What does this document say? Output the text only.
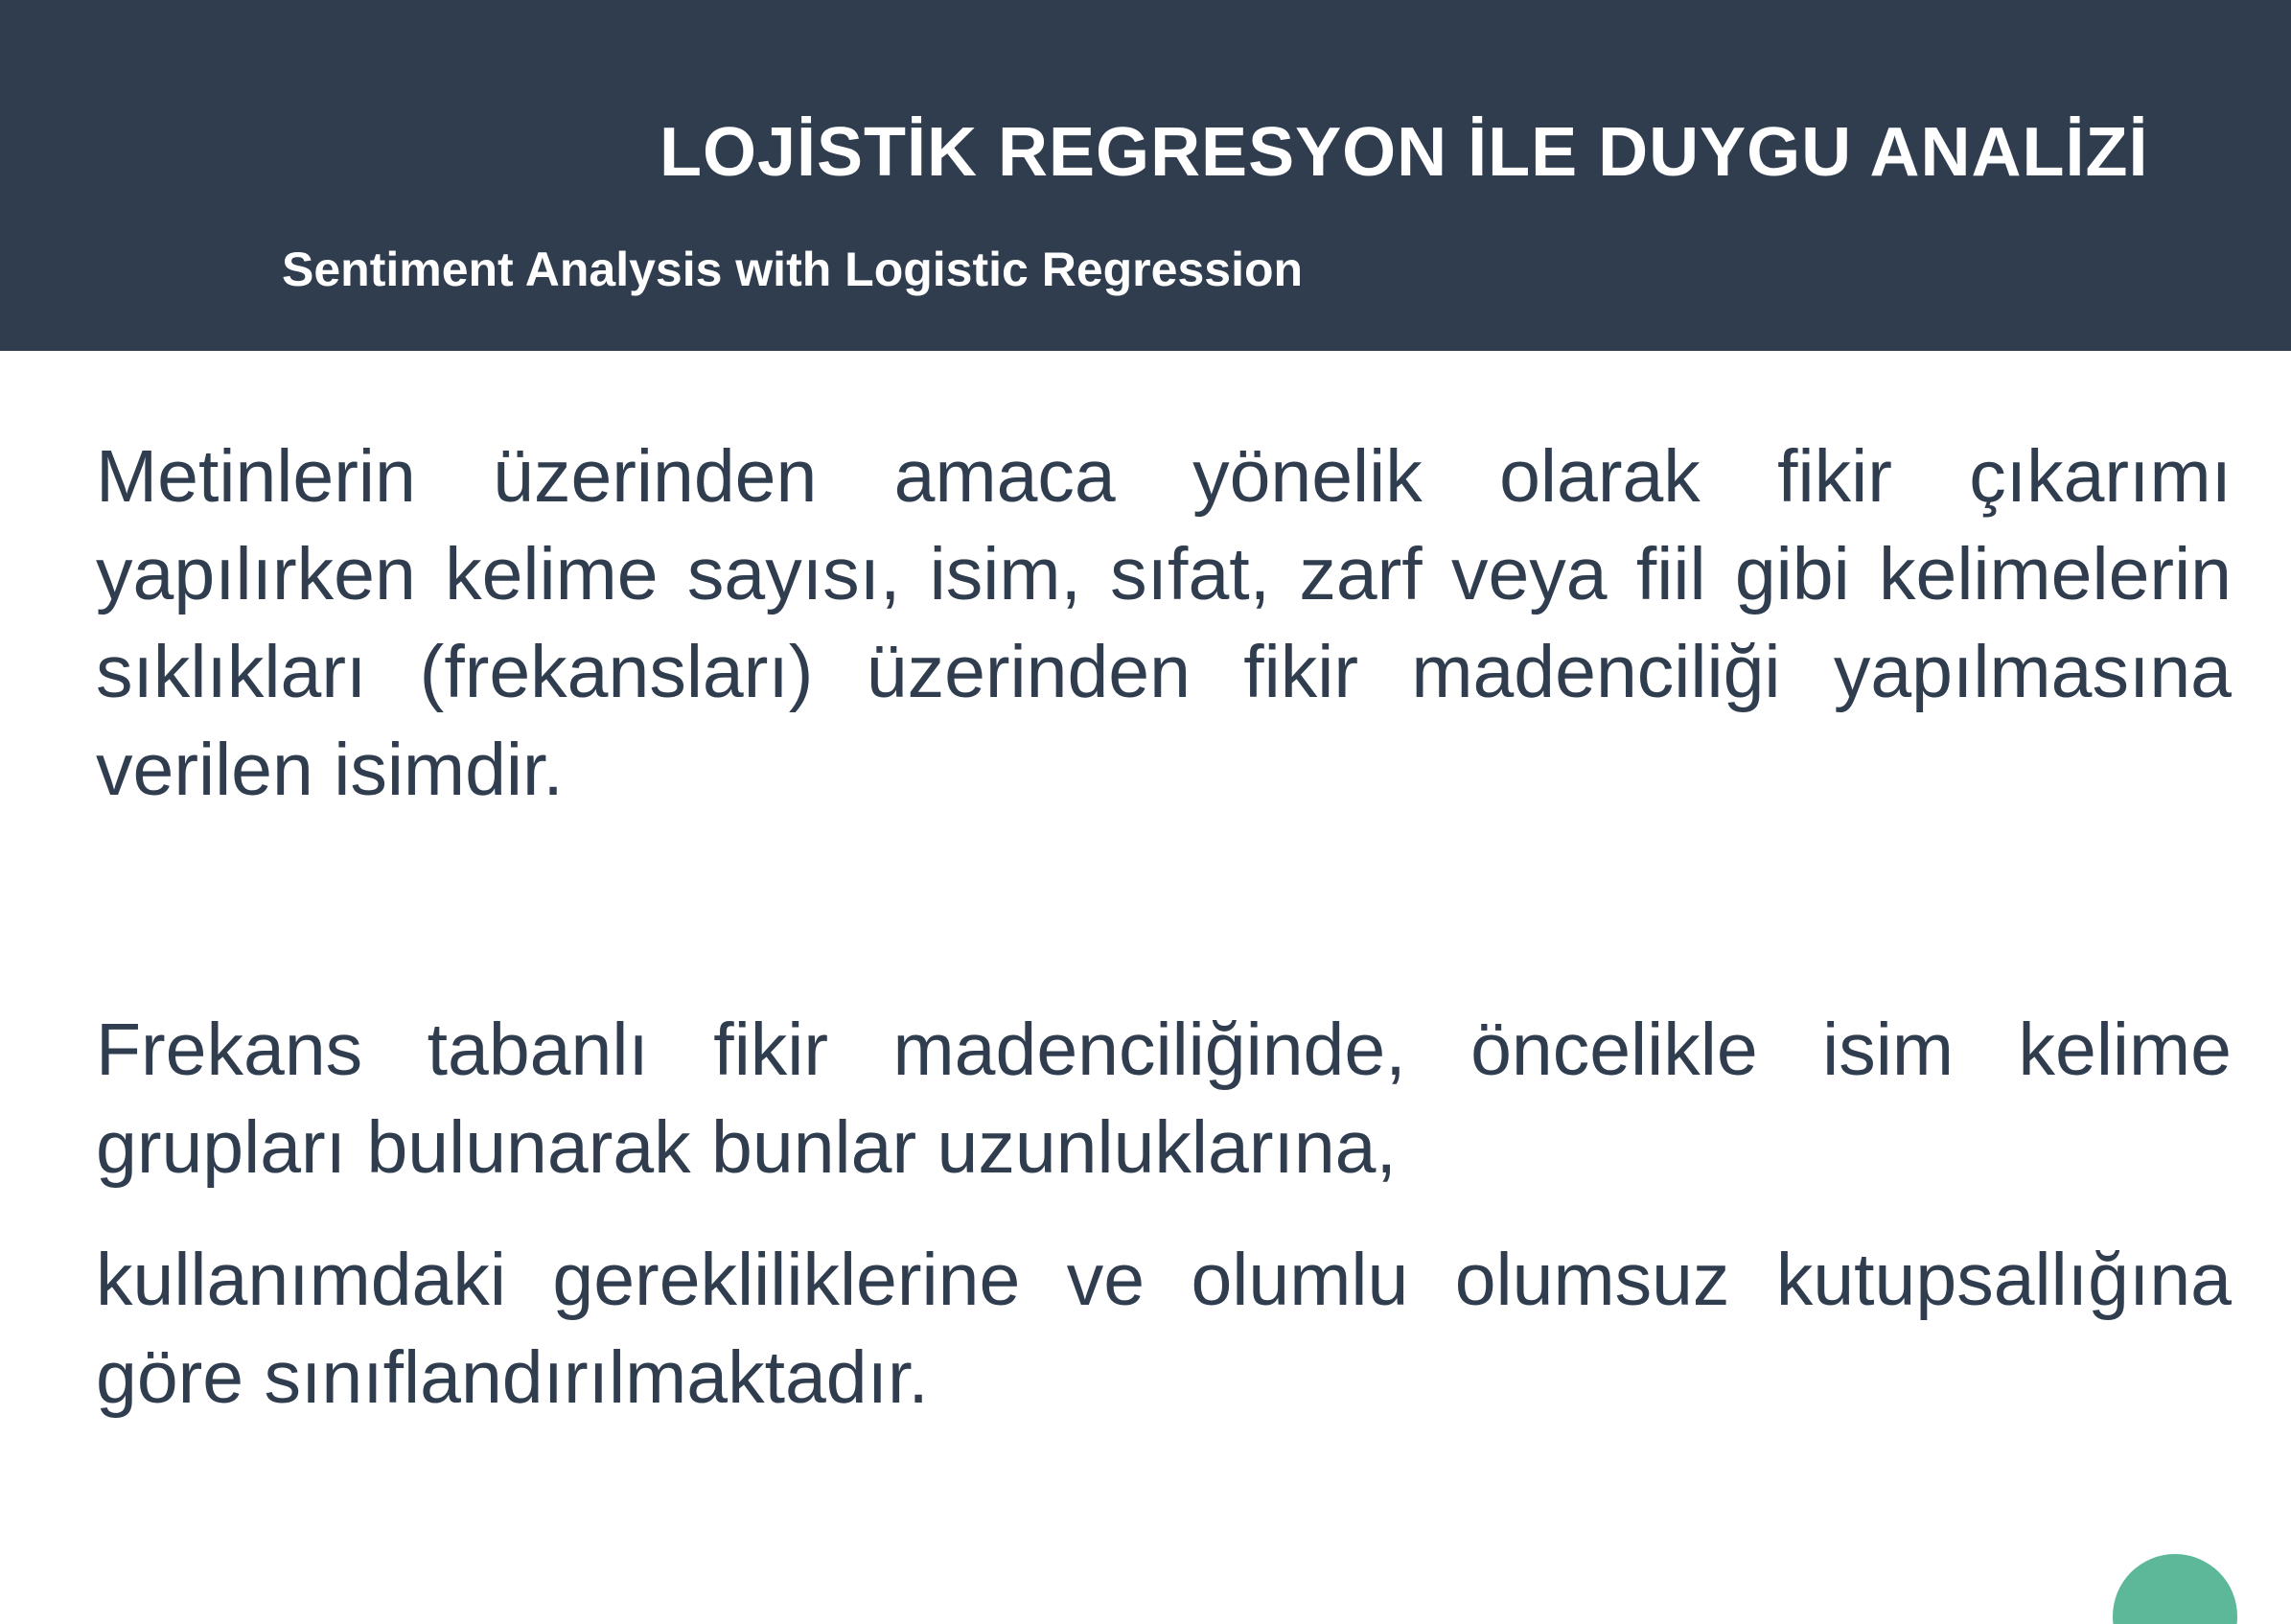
LOJİSTİK REGRESYON İLE DUYGU ANALİZİ
Sentiment Analysis with Logistic Regression

Metinlerin üzerinden amaca yönelik olarak fikir çıkarımı yapılırken kelime sayısı, isim, sıfat, zarf veya fiil gibi kelimelerin sıklıkları (frekansları) üzerinden fikir madenciliği yapılmasına verilen isimdir.

Frekans tabanlı fikir madenciliğinde, öncelikle isim kelime grupları bulunarak bunlar uzunluklarına,

kullanımdaki gerekliliklerine ve olumlu olumsuz kutupsallığına göre sınıflandırılmaktadır.
